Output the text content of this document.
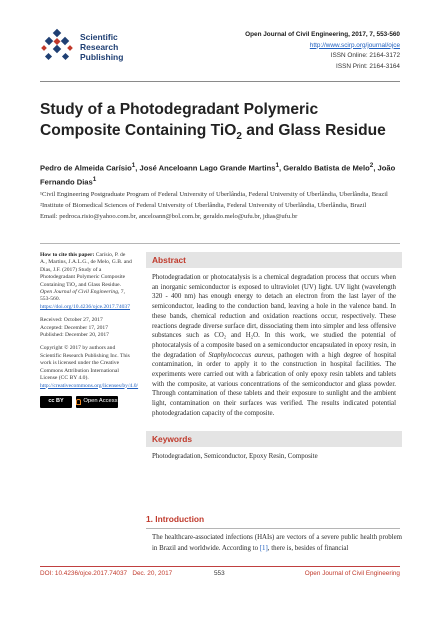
Scientific
Research
Publishing
Open Journal of Civil Engineering, 2017, 7, 553-560
http://www.scirp.org/journal/ojce
ISSN Online: 2164-3172
ISSN Print: 2164-3164
Study of a Photodegradant Polymeric Composite Containing TiO$_2$ and Glass Residue
Pedro de Almeida Carísio$^1$, José Anceloann Lago Grande Martins$^1$, Geraldo Batista de Melo$^2$, João Fernando Dias$^1$
¹Civil Engineering Postgraduate Program of Federal University of Uberlândia, Federal University of Uberlândia, Uberlândia, Brazil
²Institute of Biomedical Sciences of Federal University of Uberlândia, Federal University of Uberlândia, Uberlândia, Brazil
Email: pedroca.risio@yahoo.com.br, anceloann@bol.com.br, geraldo.melo@ufu.br, jdias@ufu.br

How to cite this paper: Carísio, P. de A., Martins, J.A.L.G., de Melo, G.B. and Dias, J.F. (2017) Study of a Photodegradant Polymeric Composite Containing TiO₂ and Glass Residue. Open Journal of Civil Engineering, 7, 553-560.
https://doi.org/10.4236/ojce.2017.74037

Received: October 27, 2017
Accepted: December 17, 2017
Published: December 20, 2017

Copyright © 2017 by authors and Scientific Research Publishing Inc. This work is licensed under the Creative Commons Attribution International License (CC BY 4.0).
http://creativecommons.org/licenses/by/4.0/

cc BY	Open Access
Abstract
Photodegradation or photocatalysis is a chemical degradation process that occurs when an inorganic semiconductor is exposed to ultraviolet (UV) light. UV light (wavelength 320 - 400 nm) has enough energy to detach an electron from the last layer of the semiconductor, leading to the conduction band, leaving a hole in the valence band. In these bands, chemical reduction and oxidation reactions occur, respectively. These reactions degrade diverse surface dirt, dissociating them into simpler and less offensive substances such as CO₂ and H₂O. In this work, we studied the potential of photocatalysis of a composite based on a semiconductor encapsulated in epoxy resin, in the degradation of Staphylococcus aureus, pathogen with a high degree of hospital contamination, in order to apply it to the construction in hospital facilities. The experiments were carried out with a fabrication of only epoxy resin tablets and tablets with the composite, at various concentrations of the semiconductor and glass powder. Through contamination of these tablets and their exposure to sunlight and the ambient light, contamination on their surfaces was verified. The results indicated potential photodegradation capacity of the composite.
Keywords
Photodegradation, Semiconductor, Epoxy Resin, Composite
1. Introduction
The healthcare-associated infections (HAIs) are vectors of a severe public health problem in Brazil and worldwide. According to [1], there is, besides of financial
DOI: 10.4236/ojce.2017.74037 Dec. 20, 2017	553	Open Journal of Civil Engineering
